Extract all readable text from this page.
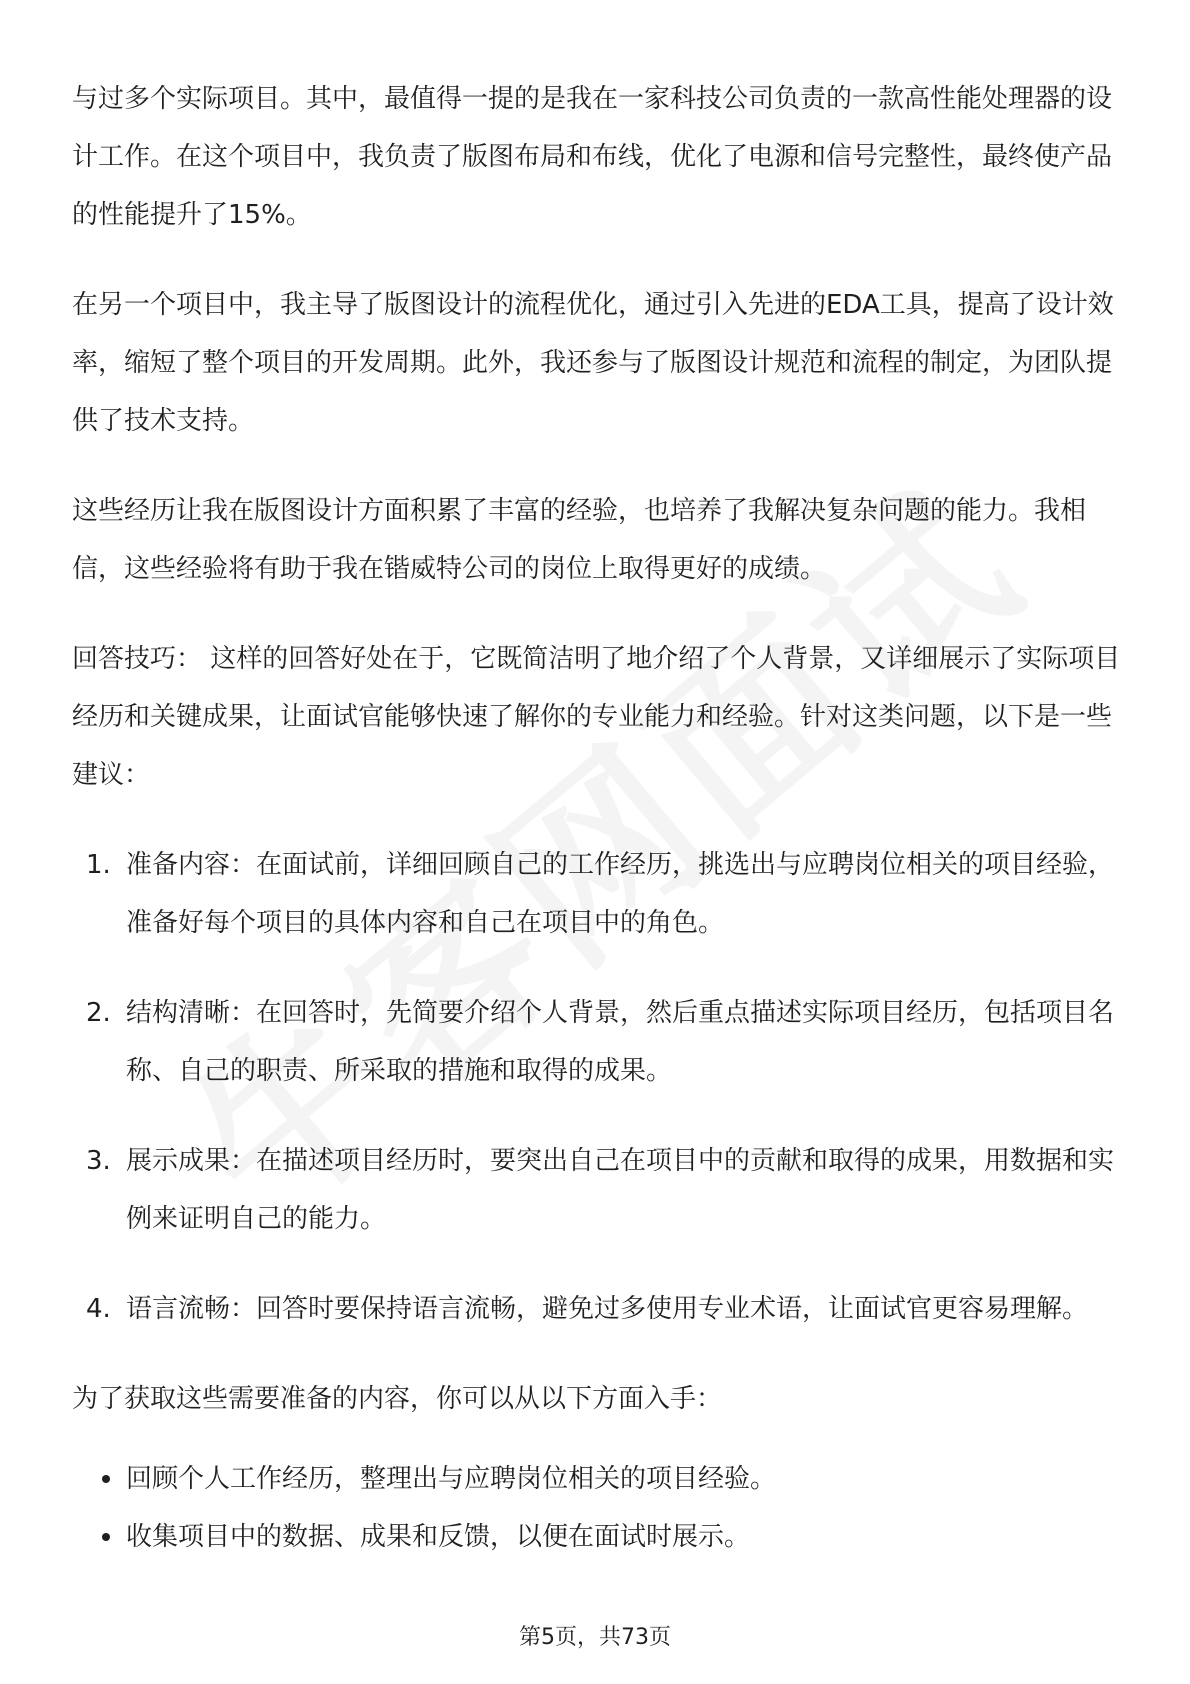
与过多个实际项目。其中，最值得一提的是我在一家科技公司负责的一款高性能处理器的设计工作。在这个项目中，我负责了版图布局和布线，优化了电源和信号完整性，最终使产品的性能提升了15%。

在另一个项目中，我主导了版图设计的流程优化，通过引入先进的EDA工具，提高了设计效率，缩短了整个项目的开发周期。此外，我还参与了版图设计规范和流程的制定，为团队提供了技术支持。

这些经历让我在版图设计方面积累了丰富的经验，也培养了我解决复杂问题的能力。我相信，这些经验将有助于我在锴威特公司的岗位上取得更好的成绩。

回答技巧： 这样的回答好处在于，它既简洁明了地介绍了个人背景，又详细展示了实际项目经历和关键成果，让面试官能够快速了解你的专业能力和经验。针对这类问题，以下是一些建议：

1. 准备内容：在面试前，详细回顾自己的工作经历，挑选出与应聘岗位相关的项目经验，准备好每个项目的具体内容和自己在项目中的角色。
2. 结构清晰：在回答时，先简要介绍个人背景，然后重点描述实际项目经历，包括项目名称、自己的职责、所采取的措施和取得的成果。
3. 展示成果：在描述项目经历时，要突出自己在项目中的贡献和取得的成果，用数据和实例来证明自己的能力。
4. 语言流畅：回答时要保持语言流畅，避免过多使用专业术语，让面试官更容易理解。

为了获取这些需要准备的内容，你可以从以下方面入手：

回顾个人工作经历，整理出与应聘岗位相关的项目经验。
收集项目中的数据、成果和反馈，以便在面试时展示。
第5页，共73页
